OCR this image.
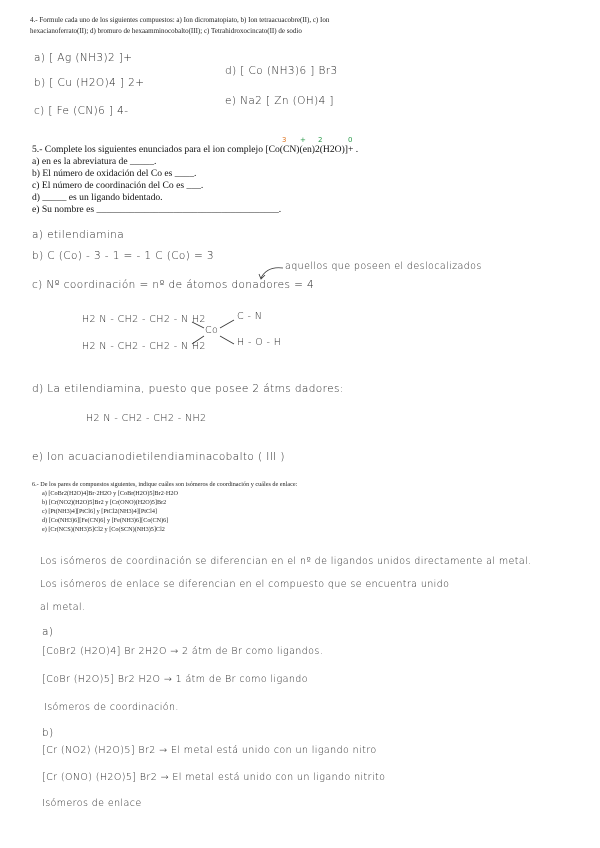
4.- Formule cada uno de los siguientes compuestos: a) Ion dicromatopiato, b) Ion tetraacuacobre(II), c) Ion
hexacianoferrato(II); d) bromuro de hexaamminocobalto(III); c) Tetrahidroxocincato(II) de sodio
a) [ Ag (NH3)2 ]+
b) [ Cu (H2O)4 ] 2+
c) [ Fe (CN)6 ] 4-
d) [ Co (NH3)6 ] Br3
e) Na2 [ Zn (OH)4 ]
3 + 2	0
5.- Complete los siguientes enunciados para el ion complejo [Co(CN)(en)2(H2O)]+ .
a) en es la abreviatura de _____.
b) El número de oxidación del Co es ____.
c) El número de coordinación del Co es ___.
d) _____ es un ligando bidentado.
e) Su nombre es ______________________________________.
a) etilendiamina
b) C (Co) - 3 - 1 = - 1 C (Co) = 3
aquellos que poseen el deslocalizados
c) Nº coordinación = nº de átomos donadores = 4
H2 N - CH2 - CH2 - N H2
H2 N - CH2 - CH2 - N H2
Co
C - N
H - O - H
d) La etilendiamina, puesto que posee 2 átms dadores:
H2 N - CH2 - CH2 - NH2
e) Ion acuacianodietilendiaminacobalto ( III )
6.- De los pares de compuestos siguientes, indique cuáles son isómeros de coordinación y cuáles de enlace:
a) [CoBr2(H2O)4]Br·2H2O y [CoBr(H2O)5]Br2·H2O
b) [Cr(NO2)(H2O)5]Br2 y [Cr(ONO)(H2O)5]Br2
c) [Pt(NH3)4][PtCl6] y [PtCl2(NH3)4][PtCl4]
d) [Co(NH3)6][Fe(CN)6] y [Fe(NH3)6][Co(CN)6]
e) [Cr(NCS)(NH3)5]Cl2 y [Co(SCN)(NH3)5]Cl2
Los isómeros de coordinación se diferencian en el nº de ligandos unidos directamente al metal.
Los isómeros de enlace se diferencian en el compuesto que se encuentra unido
al metal.
a)
[CoBr2 (H2O)4] Br 2H2O → 2 átm de Br como ligandos.
[CoBr (H2O)5] Br2 H2O → 1 átm de Br como ligando
Isómeros de coordinación.
b)
[Cr (NO2) (H2O)5] Br2 → El metal está unido con un ligando nitro
[Cr (ONO) (H2O)5] Br2 → El metal está unido con un ligando nitrito
Isómeros de enlace
